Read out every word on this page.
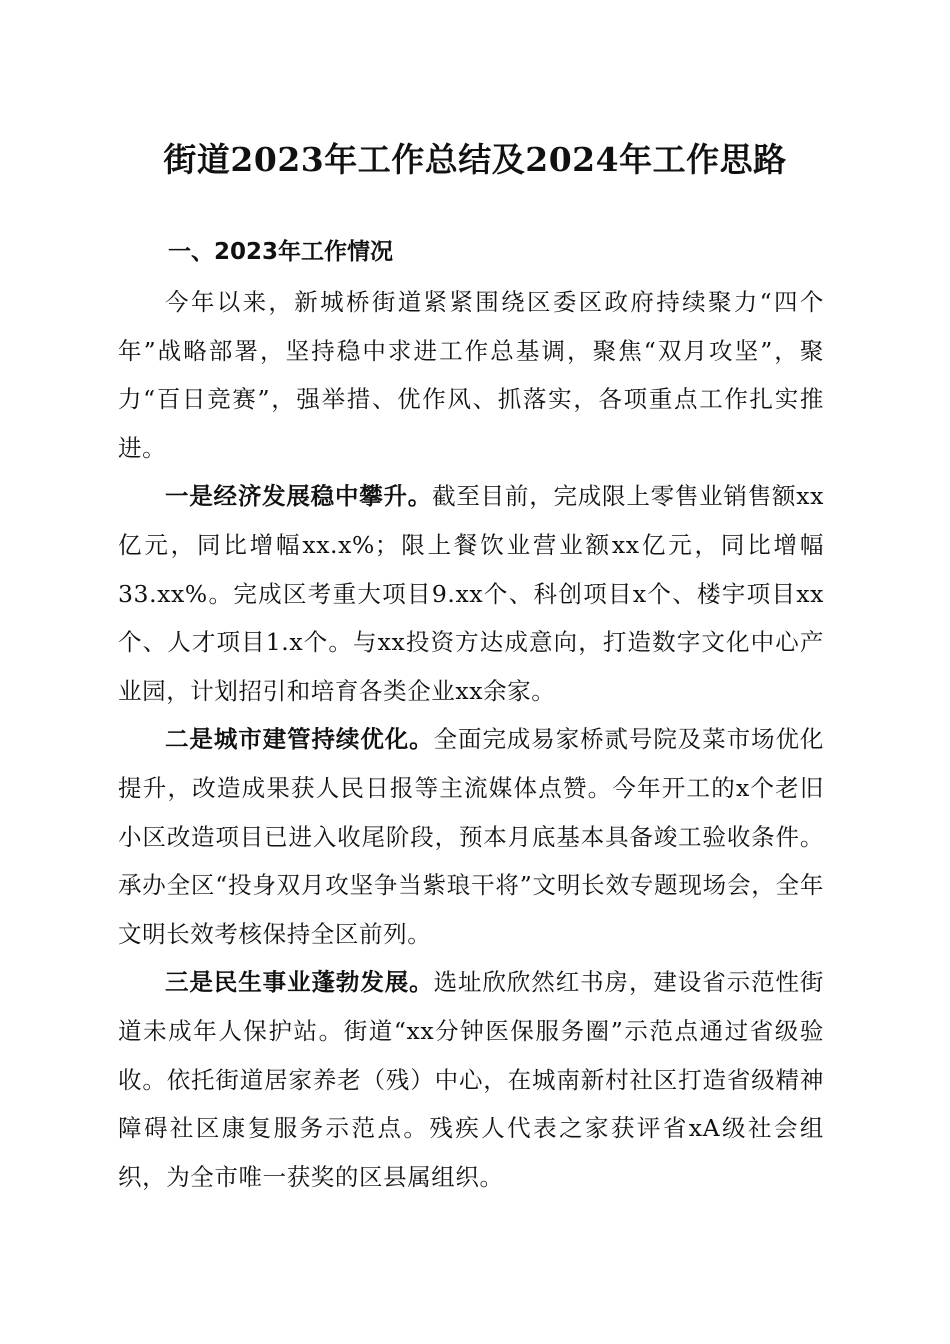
街道2023年工作总结及2024年工作思路
一、2023年工作情况

今年以来，新城桥街道紧紧围绕区委区政府持续聚力“四个年”战略部署，坚持稳中求进工作总基调，聚焦“双月攻坚”，聚力“百日竞赛”，强举措、优作风、抓落实，各项重点工作扎实推进。

一是经济发展稳中攀升。截至目前，完成限上零售业销售额xx亿元，同比增幅xx.x%；限上餐饮业营业额xx亿元，同比增幅33.xx%。完成区考重大项目9.xx个、科创项目x个、楼宇项目xx个、人才项目1.x个。与xx投资方达成意向，打造数字文化中心产业园，计划招引和培育各类企业xx余家。

二是城市建管持续优化。全面完成易家桥贰号院及菜市场优化提升，改造成果获人民日报等主流媒体点赞。今年开工的x个老旧小区改造项目已进入收尾阶段，预本月底基本具备竣工验收条件。承办全区“投身双月攻坚争当紫琅干将”文明长效专题现场会，全年文明长效考核保持全区前列。

三是民生事业蓬勃发展。选址欣欣然红书房，建设省示范性街道未成年人保护站。街道“xx分钟医保服务圈”示范点通过省级验收。依托街道居家养老（残）中心，在城南新村社区打造省级精神障碍社区康复服务示范点。残疾人代表之家获评省xA级社会组织，为全市唯一获奖的区县属组织。
